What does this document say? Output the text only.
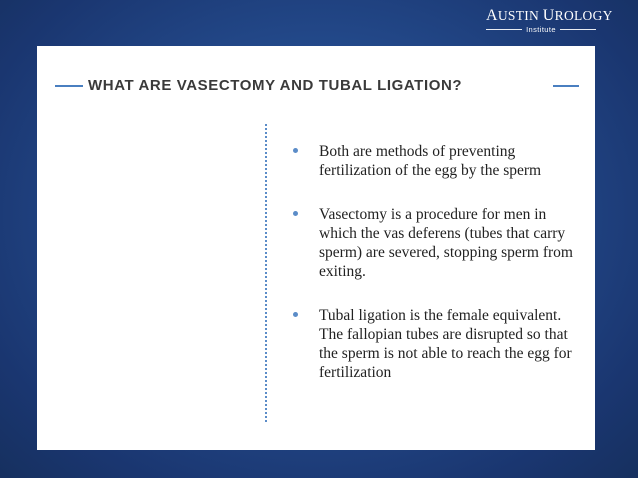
AUSTIN UROLOGY
Institute
WHAT ARE VASECTOMY AND TUBAL LIGATION?
Both are methods of preventing fertilization of the egg by the sperm
Vasectomy is a procedure for men in which the vas deferens (tubes that carry sperm) are severed, stopping sperm from exiting.
Tubal ligation is the female equivalent. The fallopian tubes are disrupted so that the sperm is not able to reach the egg for fertilization
